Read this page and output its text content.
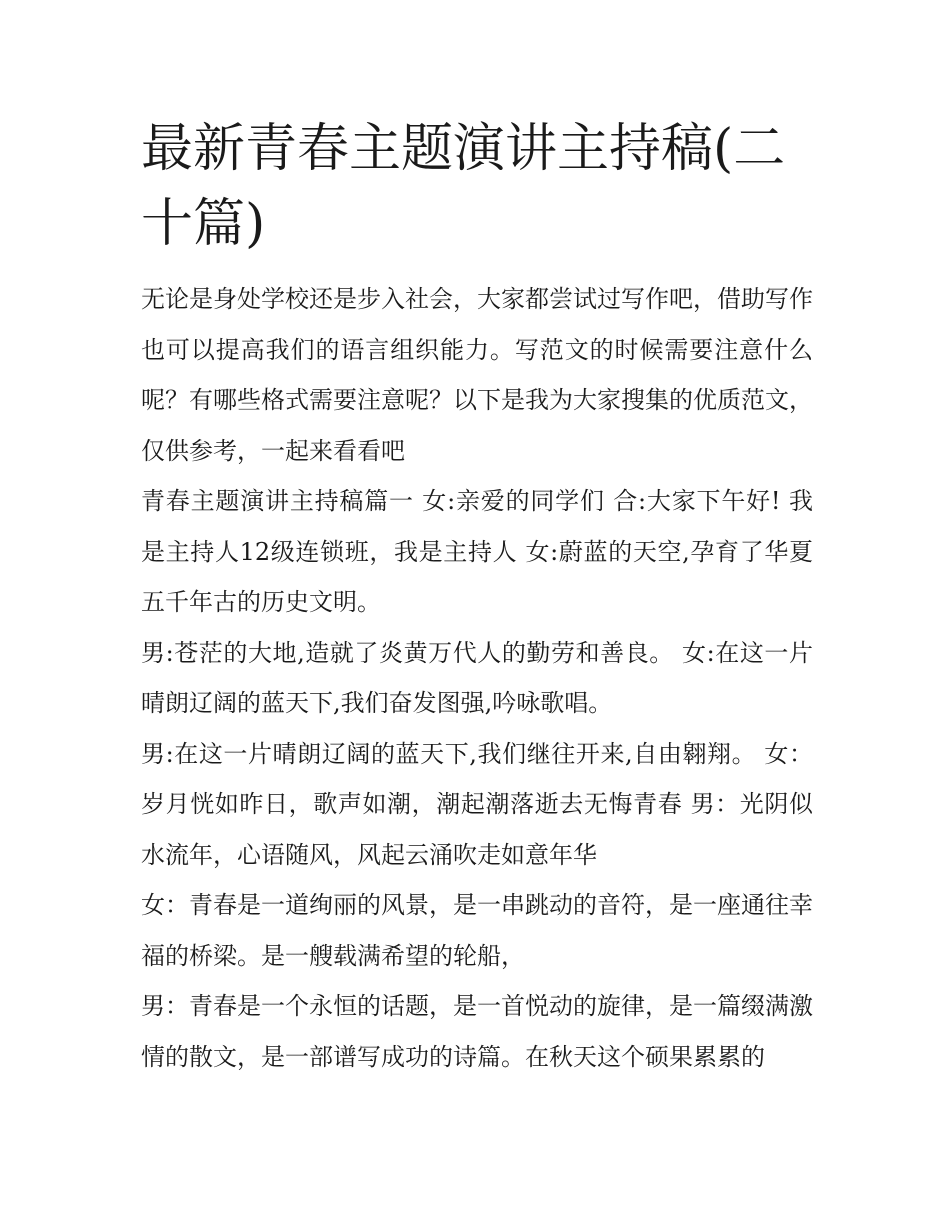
最新青春主题演讲主持稿(二十篇)

无论是身处学校还是步入社会，大家都尝试过写作吧，借助写作也可以提高我们的语言组织能力。写范文的时候需要注意什么呢？有哪些格式需要注意呢？以下是我为大家搜集的优质范文，仅供参考，一起来看看吧

青春主题演讲主持稿篇一 女:亲爱的同学们 合:大家下午好! 我是主持人12级连锁班，我是主持人 女:蔚蓝的天空,孕育了华夏五千年古的历史文明。

男:苍茫的大地,造就了炎黄万代人的勤劳和善良。 女:在这一片晴朗辽阔的蓝天下,我们奋发图强,吟咏歌唱。

男:在这一片晴朗辽阔的蓝天下,我们继往开来,自由翱翔。 女：岁月恍如昨日，歌声如潮，潮起潮落逝去无悔青春 男：光阴似水流年，心语随风，风起云涌吹走如意年华

女：青春是一道绚丽的风景，是一串跳动的音符，是一座通往幸福的桥梁。是一艘载满希望的轮船，

男：青春是一个永恒的话题，是一首悦动的旋律，是一篇缀满激情的散文，是一部谱写成功的诗篇。在秋天这个硕果累累的
